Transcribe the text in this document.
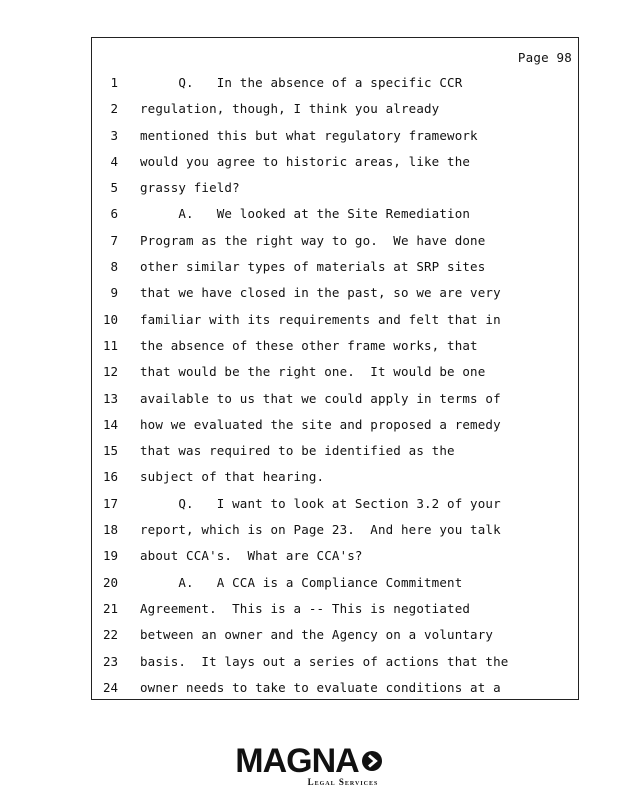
Page 98
1 Q.   In the absence of a specific CCR
2 regulation, though, I think you already
3 mentioned this but what regulatory framework
4 would you agree to historic areas, like the
5 grassy field?
6 A.   We looked at the Site Remediation
7 Program as the right way to go.  We have done
8 other similar types of materials at SRP sites
9 that we have closed in the past, so we are very
10 familiar with its requirements and felt that in
11 the absence of these other frame works, that
12 that would be the right one.  It would be one
13 available to us that we could apply in terms of
14 how we evaluated the site and proposed a remedy
15 that was required to be identified as the
16 subject of that hearing.
17 Q.   I want to look at Section 3.2 of your
18 report, which is on Page 23.  And here you talk
19 about CCA's.  What are CCA's?
20 A.   A CCA is a Compliance Commitment
21 Agreement.  This is a -- This is negotiated
22 between an owner and the Agency on a voluntary
23 basis.  It lays out a series of actions that the
24 owner needs to take to evaluate conditions at a
MAGNA
Legal Services
